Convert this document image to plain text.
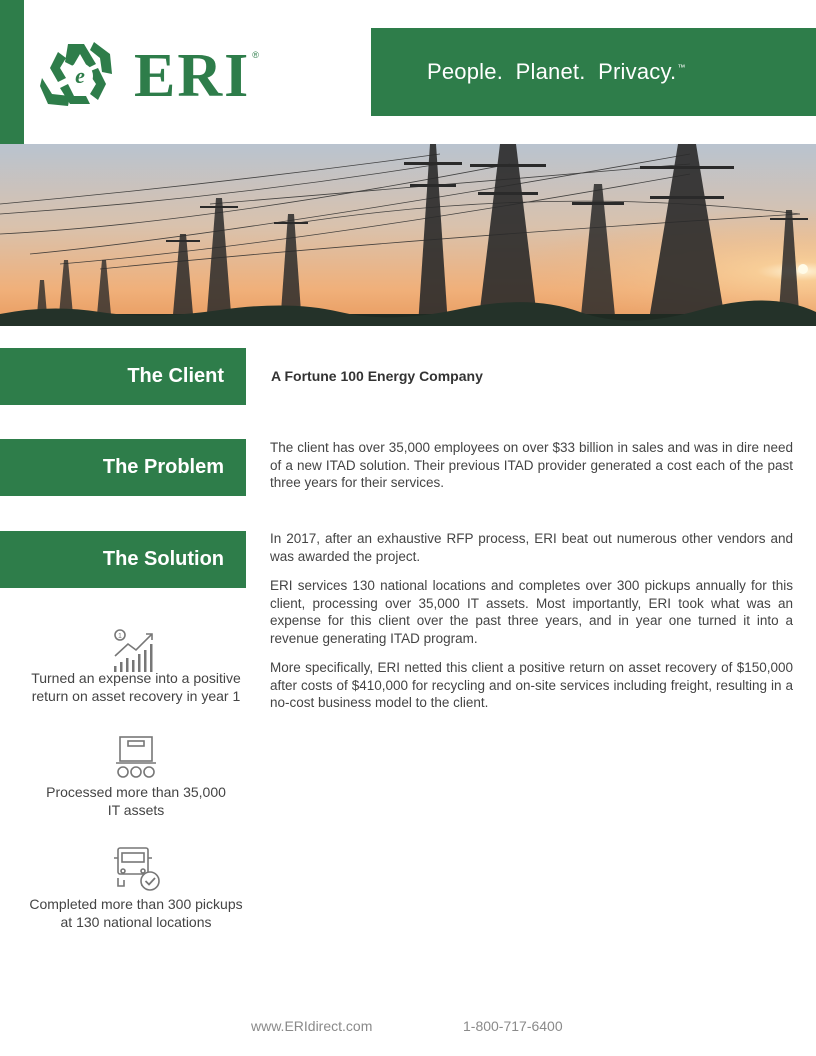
e ERI ®
People.  Planet.  Privacy.™
The Client	A Fortune 100 Energy Company
The Problem

The client has over 35,000 employees on over $33 billion in sales and was in dire need of a new ITAD solution. Their previous ITAD provider generated a cost each of the past three years for their services.

The Solution

In 2017, after an exhaustive RFP process, ERI beat out numerous other vendors and was awarded the project.

ERI services 130 national locations and completes over 300 pickups annually for this client, processing over 35,000 IT assets. Most importantly, ERI took what was an expense for this client over the past three years, and in year one turned it into a revenue generating ITAD program.

More specifically, ERI netted this client a positive return on asset recovery of $150,000 after costs of $410,000 for recycling and on-site services including freight, resulting in a no-cost business model to the client.

1
Turned an expense into a positive
return on asset recovery in year 1
Processed more than 35,000
IT assets
Completed more than 300 pickups
at 130 national locations
www.ERIdirect.com	1-800-717-6400
